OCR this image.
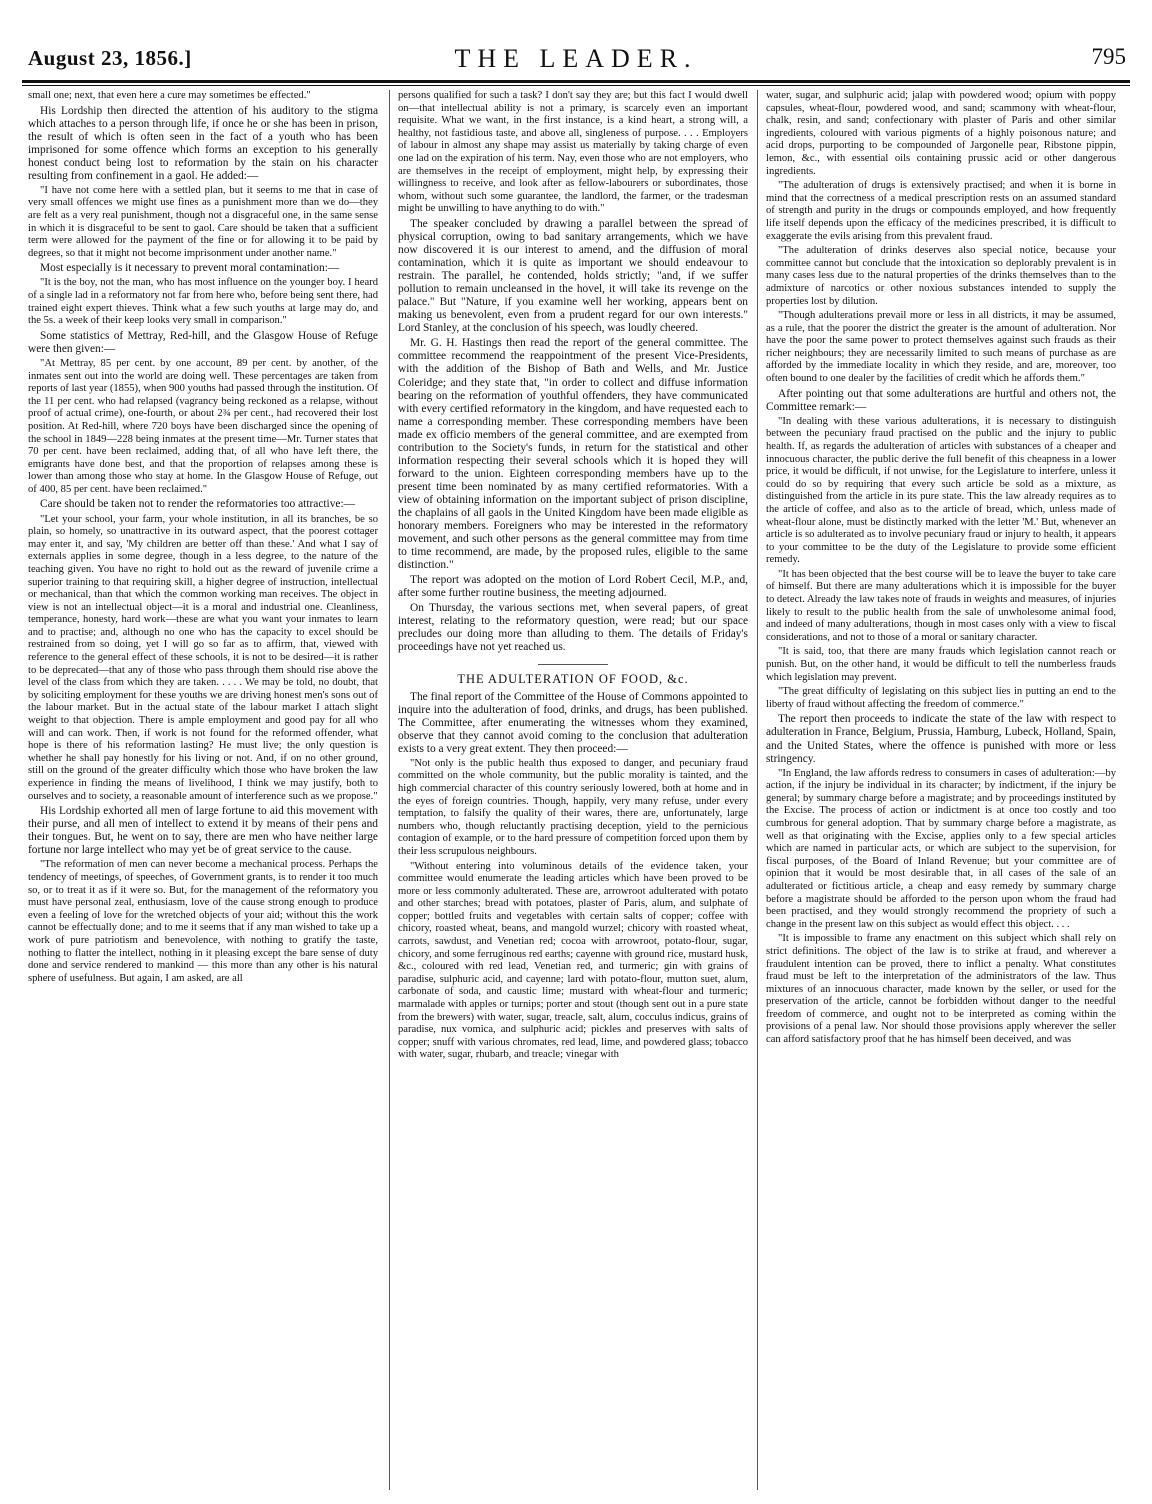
August 23, 1856.]	THE LEADER.	795

small one; next, that even here a cure may sometimes be effected."

His Lordship then directed the attention of his auditory to the stigma which attaches to a person through life, if once he or she has been in prison, the result of which is often seen in the fact of a youth who has been imprisoned for some offence which forms an exception to his generally honest conduct being lost to reformation by the stain on his character resulting from confinement in a gaol. He added:—

"I have not come here with a settled plan, but it seems to me that in case of very small offences we might use fines as a punishment more than we do—they are felt as a very real punishment, though not a disgraceful one, in the same sense in which it is disgraceful to be sent to gaol. Care should be taken that a sufficient term were allowed for the payment of the fine or for allowing it to be paid by degrees, so that it might not become imprisonment under another name."

Most especially is it necessary to prevent moral contamination:—

"It is the boy, not the man, who has most influence on the younger boy. I heard of a single lad in a reformatory not far from here who, before being sent there, had trained eight expert thieves. Think what a few such youths at large may do, and the 5s. a week of their keep looks very small in comparison."

Some statistics of Mettray, Red-hill, and the Glasgow House of Refuge were then given:—

"At Mettray, 85 per cent. by one account, 89 per cent. by another, of the inmates sent out into the world are doing well. These percentages are taken from reports of last year (1855), when 900 youths had passed through the institution. Of the 11 per cent. who had relapsed (vagrancy being reckoned as a relapse, without proof of actual crime), one-fourth, or about 2¾ per cent., had recovered their lost position. At Red-hill, where 720 boys have been discharged since the opening of the school in 1849—228 being inmates at the present time—Mr. Turner states that 70 per cent. have been reclaimed, adding that, of all who have left there, the emigrants have done best, and that the proportion of relapses among these is lower than among those who stay at home. In the Glasgow House of Refuge, out of 400, 85 per cent. have been reclaimed."

Care should be taken not to render the reformatories too attractive:—

"Let your school, your farm, your whole institution, in all its branches, be so plain, so homely, so unattractive in its outward aspect, that the poorest cottager may enter it, and say, 'My children are better off than these.' And what I say of externals applies in some degree, though in a less degree, to the nature of the teaching given. You have no right to hold out as the reward of juvenile crime a superior training to that requiring skill, a higher degree of instruction, intellectual or mechanical, than that which the common working man receives. The object in view is not an intellectual object—it is a moral and industrial one. Cleanliness, temperance, honesty, hard work—these are what you want your inmates to learn and to practise; and, although no one who has the capacity to excel should be restrained from so doing, yet I will go so far as to affirm, that, viewed with reference to the general effect of these schools, it is not to be desired—it is rather to be deprecated—that any of those who pass through them should rise above the level of the class from which they are taken. . . . . We may be told, no doubt, that by soliciting employment for these youths we are driving honest men's sons out of the labour market. But in the actual state of the labour market I attach slight weight to that objection. There is ample employment and good pay for all who will and can work. Then, if work is not found for the reformed offender, what hope is there of his reformation lasting? He must live; the only question is whether he shall pay honestly for his living or not. And, if on no other ground, still on the ground of the greater difficulty which those who have broken the law experience in finding the means of livelihood, I think we may justify, both to ourselves and to society, a reasonable amount of interference such as we propose."

His Lordship exhorted all men of large fortune to aid this movement with their purse, and all men of intellect to extend it by means of their pens and their tongues. But, he went on to say, there are men who have neither large fortune nor large intellect who may yet be of great service to the cause.

"The reformation of men can never become a mechanical process. Perhaps the tendency of meetings, of speeches, of Government grants, is to render it too much so, or to treat it as if it were so. But, for the management of the reformatory you must have personal zeal, enthusiasm, love of the cause strong enough to produce even a feeling of love for the wretched objects of your aid; without this the work cannot be effectually done; and to me it seems that if any man wished to take up a work of pure patriotism and benevolence, with nothing to gratify the taste, nothing to flatter the intellect, nothing in it pleasing except the bare sense of duty done and service rendered to mankind — this more than any other is his natural sphere of usefulness. But again, I am asked, are all

persons qualified for such a task? I don't say they are; but this fact I would dwell on—that intellectual ability is not a primary, is scarcely even an important requisite. What we want, in the first instance, is a kind heart, a strong will, a healthy, not fastidious taste, and above all, singleness of purpose. . . . Employers of labour in almost any shape may assist us materially by taking charge of even one lad on the expiration of his term. Nay, even those who are not employers, who are themselves in the receipt of employment, might help, by expressing their willingness to receive, and look after as fellow-labourers or subordinates, those whom, without such some guarantee, the landlord, the farmer, or the tradesman might be unwilling to have anything to do with."

The speaker concluded by drawing a parallel between the spread of physical corruption, owing to bad sanitary arrangements, which we have now discovered it is our interest to amend, and the diffusion of moral contamination, which it is quite as important we should endeavour to restrain. The parallel, he contended, holds strictly; "and, if we suffer pollution to remain uncleansed in the hovel, it will take its revenge on the palace." But "Nature, if you examine well her working, appears bent on making us benevolent, even from a prudent regard for our own interests." Lord Stanley, at the conclusion of his speech, was loudly cheered.

Mr. G. H. Hastings then read the report of the general committee. The committee recommend the reappointment of the present Vice-Presidents, with the addition of the Bishop of Bath and Wells, and Mr. Justice Coleridge; and they state that, "in order to collect and diffuse information bearing on the reformation of youthful offenders, they have communicated with every certified reformatory in the kingdom, and have requested each to name a corresponding member. These corresponding members have been made ex officio members of the general committee, and are exempted from contribution to the Society's funds, in return for the statistical and other information respecting their several schools which it is hoped they will forward to the union. Eighteen corresponding members have up to the present time been nominated by as many certified reformatories. With a view of obtaining information on the important subject of prison discipline, the chaplains of all gaols in the United Kingdom have been made eligible as honorary members. Foreigners who may be interested in the reformatory movement, and such other persons as the general committee may from time to time recommend, are made, by the proposed rules, eligible to the same distinction."

The report was adopted on the motion of Lord Robert Cecil, M.P., and, after some further routine business, the meeting adjourned.

On Thursday, the various sections met, when several papers, of great interest, relating to the reformatory question, were read; but our space precludes our doing more than alluding to them. The details of Friday's proceedings have not yet reached us.

THE ADULTERATION OF FOOD, &c.

The final report of the Committee of the House of Commons appointed to inquire into the adulteration of food, drinks, and drugs, has been published. The Committee, after enumerating the witnesses whom they examined, observe that they cannot avoid coming to the conclusion that adulteration exists to a very great extent. They then proceed:—

"Not only is the public health thus exposed to danger, and pecuniary fraud committed on the whole community, but the public morality is tainted, and the high commercial character of this country seriously lowered, both at home and in the eyes of foreign countries. Though, happily, very many refuse, under every temptation, to falsify the quality of their wares, there are, unfortunately, large numbers who, though reluctantly practising deception, yield to the pernicious contagion of example, or to the hard pressure of competition forced upon them by their less scrupulous neighbours.

"Without entering into voluminous details of the evidence taken, your committee would enumerate the leading articles which have been proved to be more or less commonly adulterated. These are, arrowroot adulterated with potato and other starches; bread with potatoes, plaster of Paris, alum, and sulphate of copper; bottled fruits and vegetables with certain salts of copper; coffee with chicory, roasted wheat, beans, and mangold wurzel; chicory with roasted wheat, carrots, sawdust, and Venetian red; cocoa with arrowroot, potato-flour, sugar, chicory, and some ferruginous red earths; cayenne with ground rice, mustard husk, &c., coloured with red lead, Venetian red, and turmeric; gin with grains of paradise, sulphuric acid, and cayenne; lard with potato-flour, mutton suet, alum, carbonate of soda, and caustic lime; mustard with wheat-flour and turmeric; marmalade with apples or turnips; porter and stout (though sent out in a pure state from the brewers) with water, sugar, treacle, salt, alum, cocculus indicus, grains of paradise, nux vomica, and sulphuric acid; pickles and preserves with salts of copper; snuff with various chromates, red lead, lime, and powdered glass; tobacco with water, sugar, rhubarb, and treacle; vinegar with

water, sugar, and sulphuric acid; jalap with powdered wood; opium with poppy capsules, wheat-flour, powdered wood, and sand; scammony with wheat-flour, chalk, resin, and sand; confectionary with plaster of Paris and other similar ingredients, coloured with various pigments of a highly poisonous nature; and acid drops, purporting to be compounded of Jargonelle pear, Ribstone pippin, lemon, &c., with essential oils containing prussic acid or other dangerous ingredients.

"The adulteration of drugs is extensively practised; and when it is borne in mind that the correctness of a medical prescription rests on an assumed standard of strength and purity in the drugs or compounds employed, and how frequently life itself depends upon the efficacy of the medicines prescribed, it is difficult to exaggerate the evils arising from this prevalent fraud.

"The adulteration of drinks deserves also special notice, because your committee cannot but conclude that the intoxication so deplorably prevalent is in many cases less due to the natural properties of the drinks themselves than to the admixture of narcotics or other noxious substances intended to supply the properties lost by dilution.

"Though adulterations prevail more or less in all districts, it may be assumed, as a rule, that the poorer the district the greater is the amount of adulteration. Nor have the poor the same power to protect themselves against such frauds as their richer neighbours; they are necessarily limited to such means of purchase as are afforded by the immediate locality in which they reside, and are, moreover, too often bound to one dealer by the facilities of credit which he affords them."

After pointing out that some adulterations are hurtful and others not, the Committee remark:—

"In dealing with these various adulterations, it is necessary to distinguish between the pecuniary fraud practised on the public and the injury to public health. If, as regards the adulteration of articles with substances of a cheaper and innocuous character, the public derive the full benefit of this cheapness in a lower price, it would be difficult, if not unwise, for the Legislature to interfere, unless it could do so by requiring that every such article be sold as a mixture, as distinguished from the article in its pure state. This the law already requires as to the article of coffee, and also as to the article of bread, which, unless made of wheat-flour alone, must be distinctly marked with the letter 'M.' But, whenever an article is so adulterated as to involve pecuniary fraud or injury to health, it appears to your committee to be the duty of the Legislature to provide some efficient remedy.

"It has been objected that the best course will be to leave the buyer to take care of himself. But there are many adulterations which it is impossible for the buyer to detect. Already the law takes note of frauds in weights and measures, of injuries likely to result to the public health from the sale of unwholesome animal food, and indeed of many adulterations, though in most cases only with a view to fiscal considerations, and not to those of a moral or sanitary character.

"It is said, too, that there are many frauds which legislation cannot reach or punish. But, on the other hand, it would be difficult to tell the numberless frauds which legislation may prevent.

"The great difficulty of legislating on this subject lies in putting an end to the liberty of fraud without affecting the freedom of commerce."

The report then proceeds to indicate the state of the law with respect to adulteration in France, Belgium, Prussia, Hamburg, Lubeck, Holland, Spain, and the United States, where the offence is punished with more or less stringency.

"In England, the law affords redress to consumers in cases of adulteration:—by action, if the injury be individual in its character; by indictment, if the injury be general; by summary charge before a magistrate; and by proceedings instituted by the Excise. The process of action or indictment is at once too costly and too cumbrous for general adoption. That by summary charge before a magistrate, as well as that originating with the Excise, applies only to a few special articles which are named in particular acts, or which are subject to the supervision, for fiscal purposes, of the Board of Inland Revenue; but your committee are of opinion that it would be most desirable that, in all cases of the sale of an adulterated or fictitious article, a cheap and easy remedy by summary charge before a magistrate should be afforded to the person upon whom the fraud had been practised, and they would strongly recommend the propriety of such a change in the present law on this subject as would effect this object. . . .

"It is impossible to frame any enactment on this subject which shall rely on strict definitions. The object of the law is to strike at fraud, and wherever a fraudulent intention can be proved, there to inflict a penalty. What constitutes fraud must be left to the interpretation of the administrators of the law. Thus mixtures of an innocuous character, made known by the seller, or used for the preservation of the article, cannot be forbidden without danger to the needful freedom of commerce, and ought not to be interpreted as coming within the provisions of a penal law. Nor should those provisions apply wherever the seller can afford satisfactory proof that he has himself been deceived, and was
